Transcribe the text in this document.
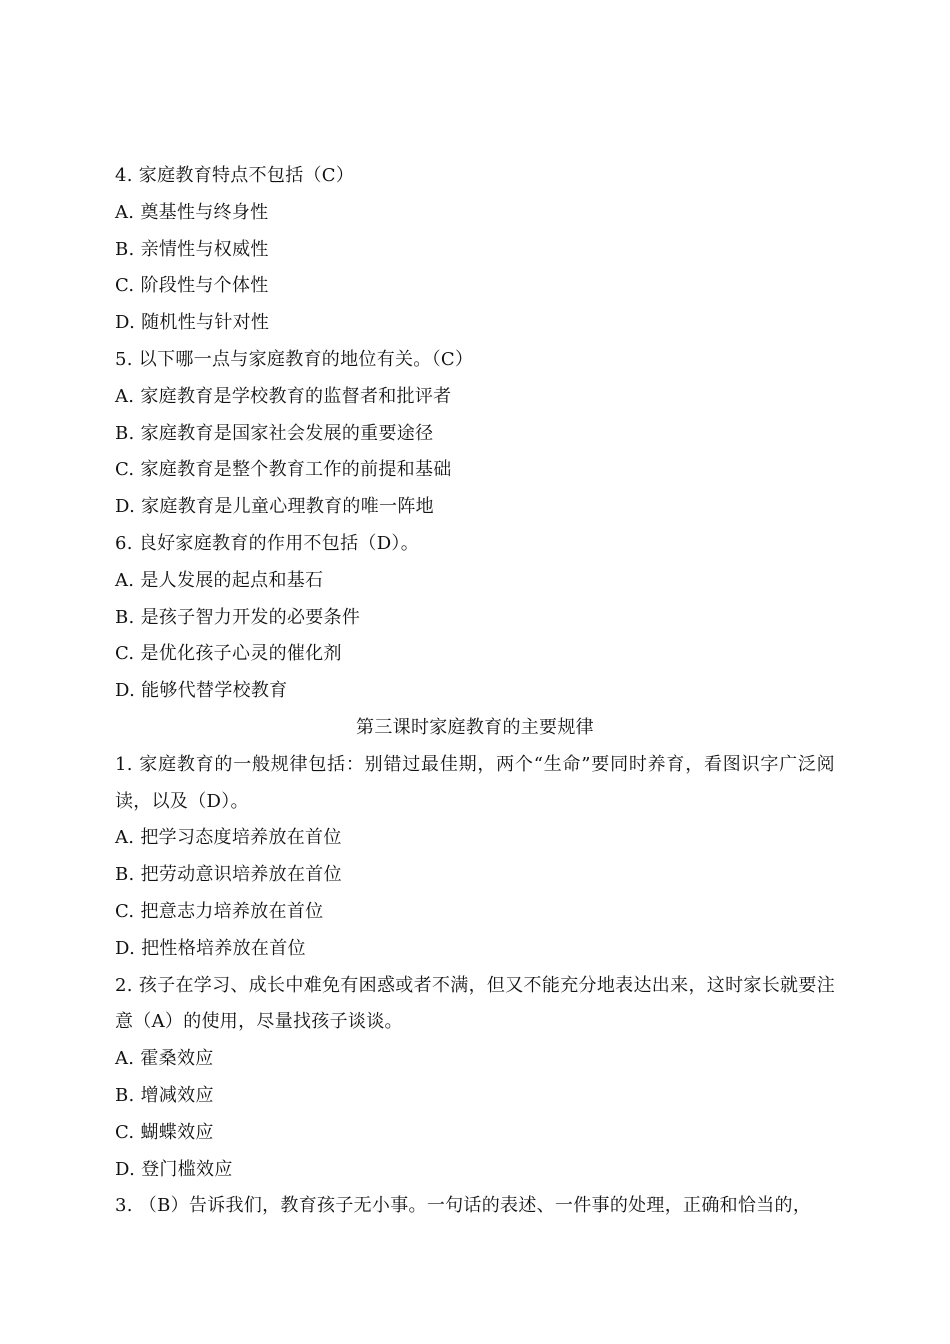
4. 家庭教育特点不包括（C）
A. 奠基性与终身性
B. 亲情性与权威性
C. 阶段性与个体性
D. 随机性与针对性
5. 以下哪一点与家庭教育的地位有关。（C）
A. 家庭教育是学校教育的监督者和批评者
B. 家庭教育是国家社会发展的重要途径
C. 家庭教育是整个教育工作的前提和基础
D. 家庭教育是儿童心理教育的唯一阵地
6. 良好家庭教育的作用不包括（D）。
A. 是人发展的起点和基石
B. 是孩子智力开发的必要条件
C. 是优化孩子心灵的催化剂
D. 能够代替学校教育
第三课时家庭教育的主要规律
1. 家庭教育的一般规律包括：别错过最佳期，两个“生命”要同时养育，看图识字广泛阅读，以及（D）。
A. 把学习态度培养放在首位
B. 把劳动意识培养放在首位
C. 把意志力培养放在首位
D. 把性格培养放在首位
2. 孩子在学习、成长中难免有困惑或者不满，但又不能充分地表达出来，这时家长就要注意（A）的使用，尽量找孩子谈谈。
A. 霍桑效应
B. 增减效应
C. 蝴蝶效应
D. 登门槛效应
3. （B）告诉我们，教育孩子无小事。一句话的表述、一件事的处理，正确和恰当的，
